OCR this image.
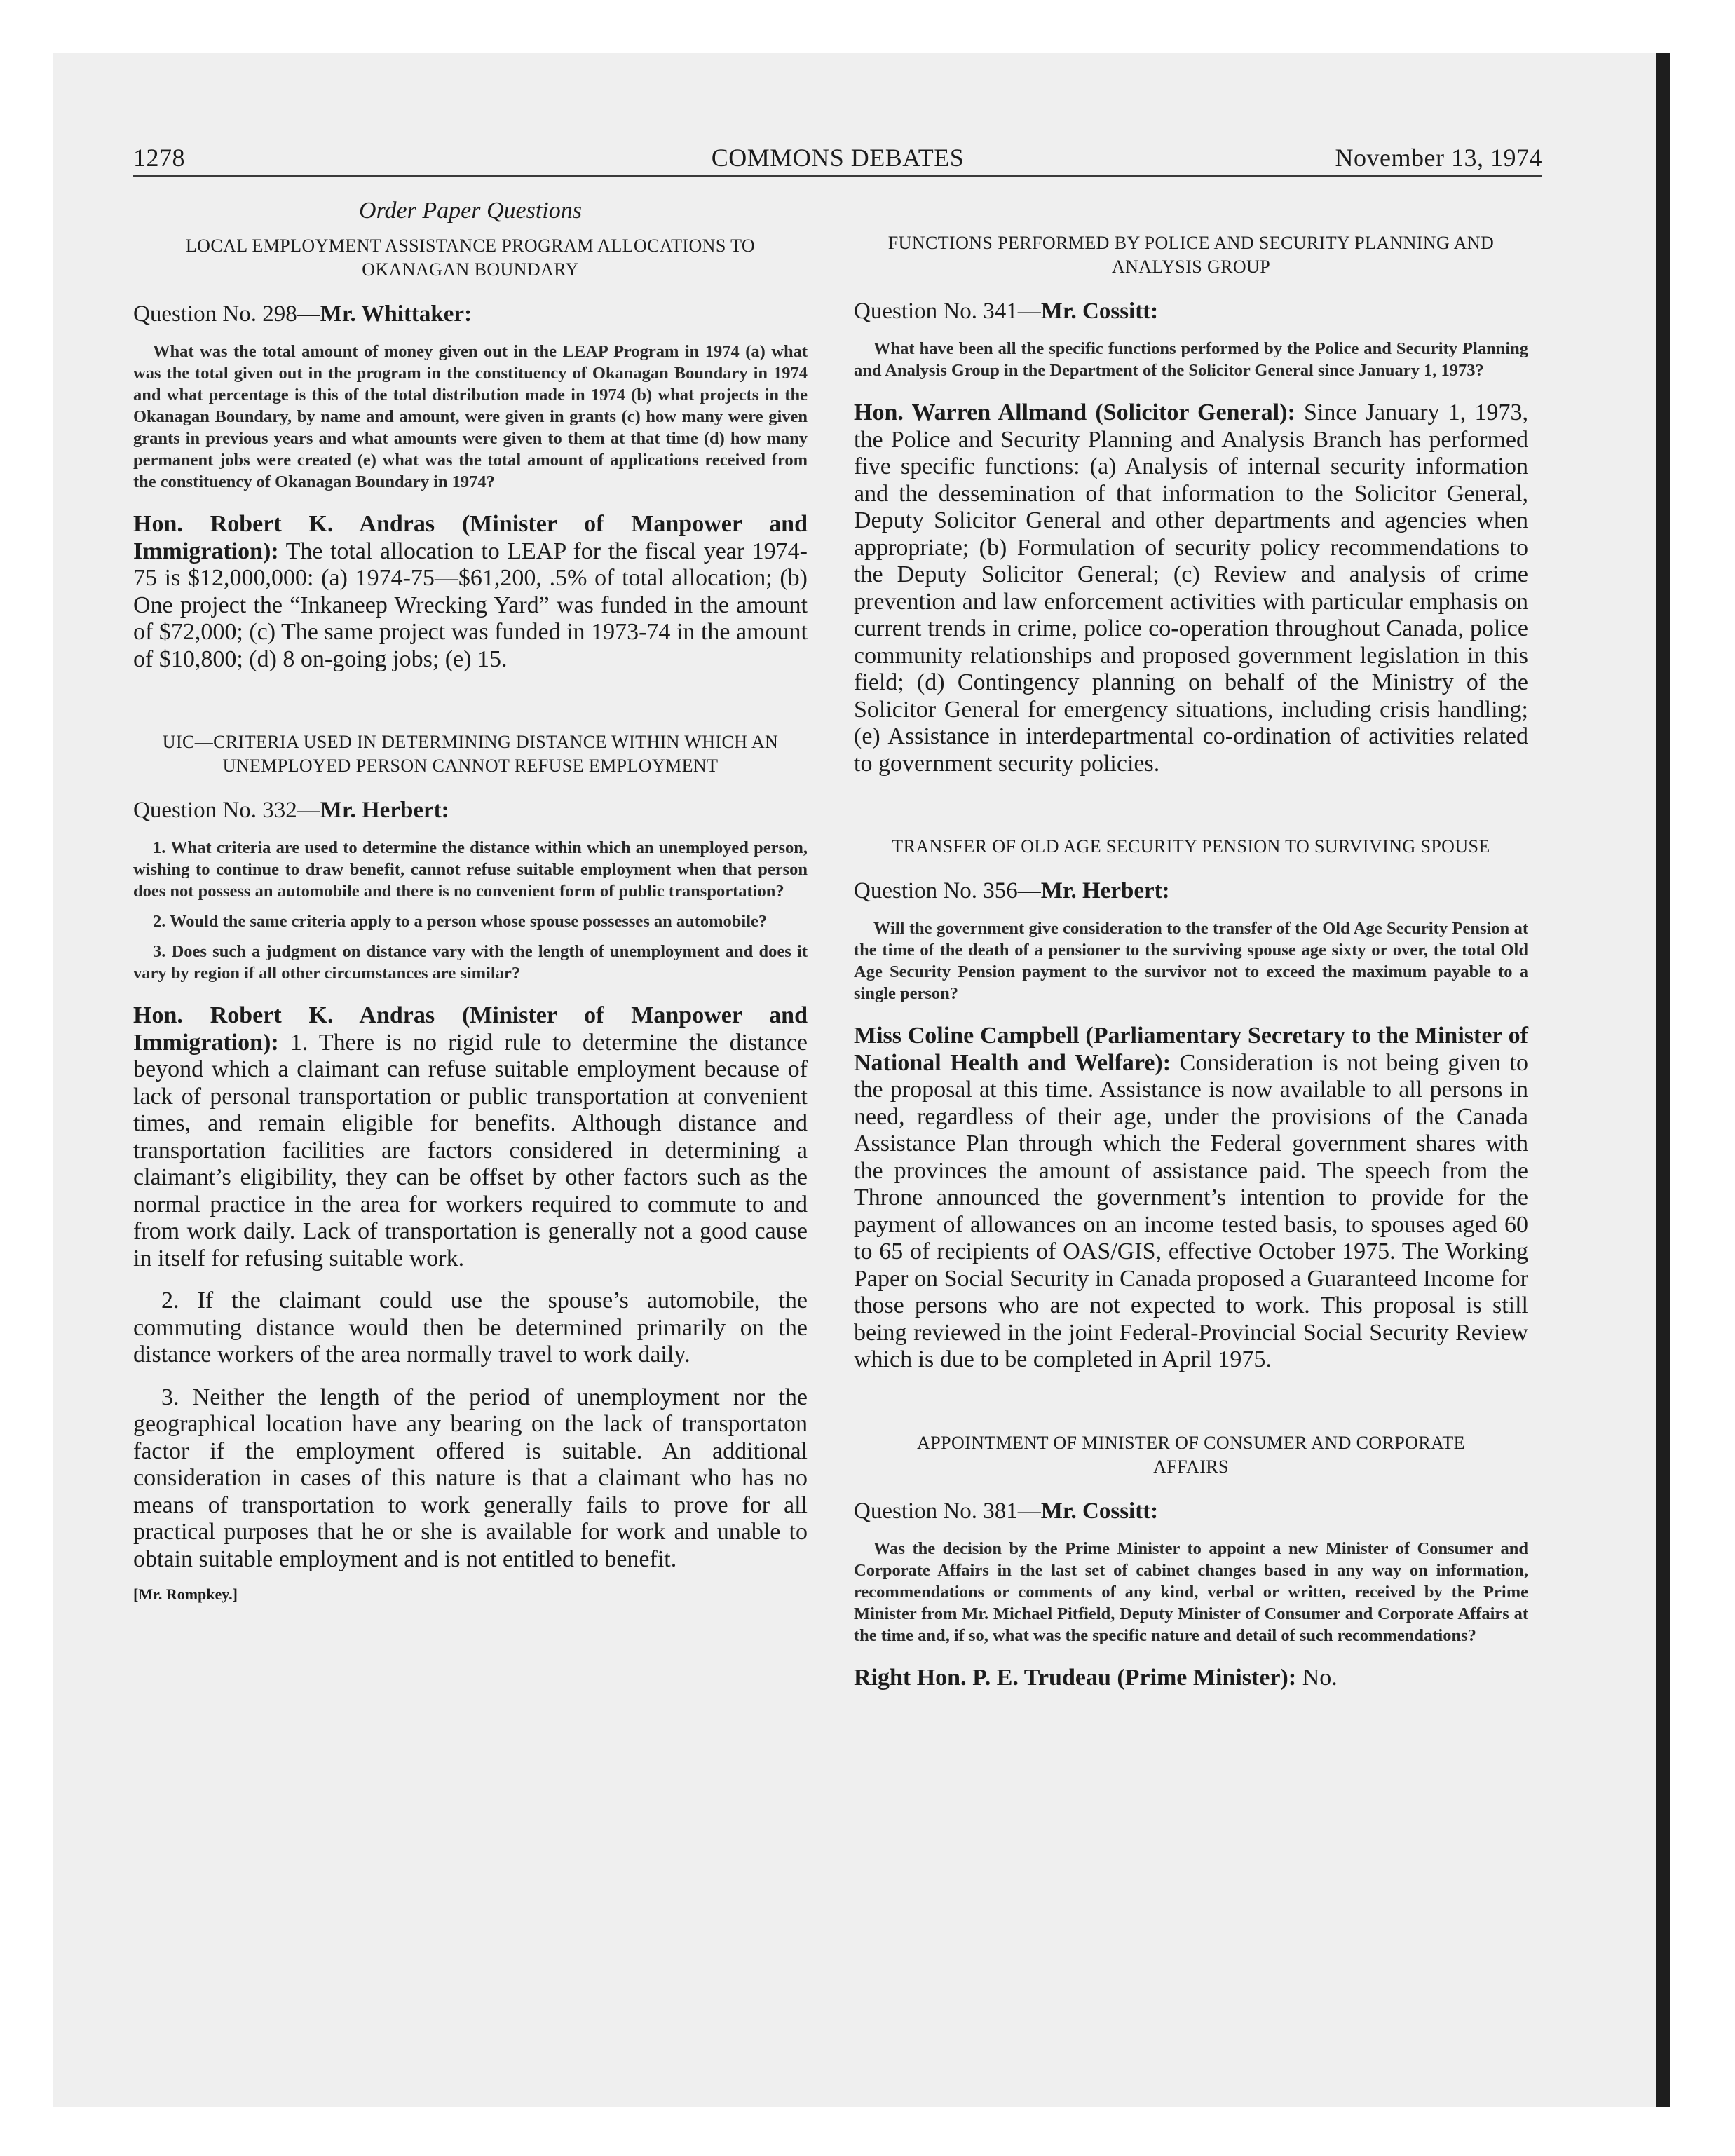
1278	COMMONS DEBATES	November 13, 1974
Order Paper Questions
LOCAL EMPLOYMENT ASSISTANCE PROGRAM ALLOCATIONS TO OKANAGAN BOUNDARY
Question No. 298—Mr. Whittaker:

What was the total amount of money given out in the LEAP Program in 1974 (a) what was the total given out in the program in the constituency of Okanagan Boundary in 1974 and what percentage is this of the total distribution made in 1974 (b) what projects in the Okanagan Boundary, by name and amount, were given in grants (c) how many were given grants in previous years and what amounts were given to them at that time (d) how many permanent jobs were created (e) what was the total amount of applications received from the constituency of Okanagan Boundary in 1974?

Hon. Robert K. Andras (Minister of Manpower and Immigration): The total allocation to LEAP for the fiscal year 1974-75 is $12,000,000: (a) 1974-75—$61,200, .5% of total allocation; (b) One project the “Inkaneep Wrecking Yard” was funded in the amount of $72,000; (c) The same project was funded in 1973-74 in the amount of $10,800; (d) 8 on-going jobs; (e) 15.

UIC—CRITERIA USED IN DETERMINING DISTANCE WITHIN WHICH AN UNEMPLOYED PERSON CANNOT REFUSE EMPLOYMENT
Question No. 332—Mr. Herbert:

1. What criteria are used to determine the distance within which an unemployed person, wishing to continue to draw benefit, cannot refuse suitable employment when that person does not possess an automobile and there is no convenient form of public transportation?

2. Would the same criteria apply to a person whose spouse possesses an automobile?

3. Does such a judgment on distance vary with the length of unemployment and does it vary by region if all other circumstances are similar?

Hon. Robert K. Andras (Minister of Manpower and Immigration): 1. There is no rigid rule to determine the distance beyond which a claimant can refuse suitable employment because of lack of personal transportation or public transportation at convenient times, and remain eligible for benefits. Although distance and transportation facilities are factors considered in determining a claimant’s eligibility, they can be offset by other factors such as the normal practice in the area for workers required to commute to and from work daily. Lack of transportation is generally not a good cause in itself for refusing suitable work.

2. If the claimant could use the spouse’s automobile, the commuting distance would then be determined primarily on the distance workers of the area normally travel to work daily.

3. Neither the length of the period of unemployment nor the geographical location have any bearing on the lack of transportaton factor if the employment offered is suitable. An additional consideration in cases of this nature is that a claimant who has no means of transportation to work generally fails to prove for all practical purposes that he or she is available for work and unable to obtain suitable employment and is not entitled to benefit.

[Mr. Rompkey.]
FUNCTIONS PERFORMED BY POLICE AND SECURITY PLANNING AND ANALYSIS GROUP
Question No. 341—Mr. Cossitt:

What have been all the specific functions performed by the Police and Security Planning and Analysis Group in the Department of the Solicitor General since January 1, 1973?

Hon. Warren Allmand (Solicitor General): Since January 1, 1973, the Police and Security Planning and Analysis Branch has performed five specific functions: (a) Analysis of internal security information and the dessemination of that information to the Solicitor General, Deputy Solicitor General and other departments and agencies when appropriate; (b) Formulation of security policy recommendations to the Deputy Solicitor General; (c) Review and analysis of crime prevention and law enforcement activities with particular emphasis on current trends in crime, police co-operation throughout Canada, police community relationships and proposed government legislation in this field; (d) Contingency planning on behalf of the Ministry of the Solicitor General for emergency situations, including crisis handling; (e) Assistance in interdepartmental co-ordination of activities related to government security policies.

TRANSFER OF OLD AGE SECURITY PENSION TO SURVIVING SPOUSE
Question No. 356—Mr. Herbert:

Will the government give consideration to the transfer of the Old Age Security Pension at the time of the death of a pensioner to the surviving spouse age sixty or over, the total Old Age Security Pension payment to the survivor not to exceed the maximum payable to a single person?

Miss Coline Campbell (Parliamentary Secretary to the Minister of National Health and Welfare): Consideration is not being given to the proposal at this time. Assistance is now available to all persons in need, regardless of their age, under the provisions of the Canada Assistance Plan through which the Federal government shares with the provinces the amount of assistance paid. The speech from the Throne announced the government’s intention to provide for the payment of allowances on an income tested basis, to spouses aged 60 to 65 of recipients of OAS/GIS, effective October 1975. The Working Paper on Social Security in Canada proposed a Guaranteed Income for those persons who are not expected to work. This proposal is still being reviewed in the joint Federal-Provincial Social Security Review which is due to be completed in April 1975.

APPOINTMENT OF MINISTER OF CONSUMER AND CORPORATE AFFAIRS
Question No. 381—Mr. Cossitt:

Was the decision by the Prime Minister to appoint a new Minister of Consumer and Corporate Affairs in the last set of cabinet changes based in any way on information, recommendations or comments of any kind, verbal or written, received by the Prime Minister from Mr. Michael Pitfield, Deputy Minister of Consumer and Corporate Affairs at the time and, if so, what was the specific nature and detail of such recommendations?

Right Hon. P. E. Trudeau (Prime Minister): No.
